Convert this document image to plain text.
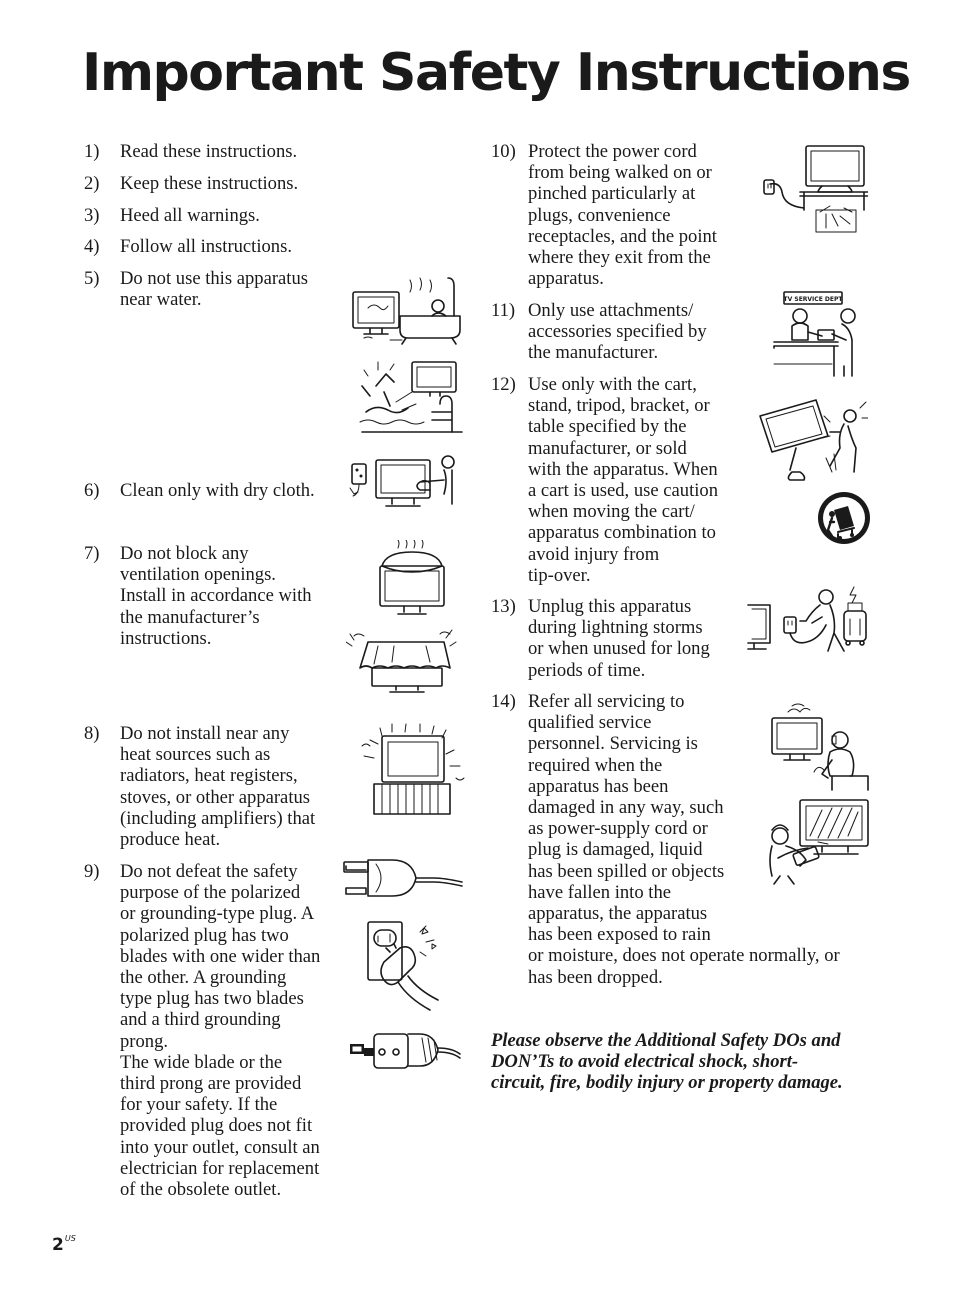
Important Safety Instructions
1) Read these instructions.
2) Keep these instructions.
3) Heed all warnings.
4) Follow all instructions.
5) Do not use this apparatus
near water.
6) Clean only with dry cloth.
7) Do not block any
ventilation openings.
Install in accordance with
the manufacturer’s
instructions.
8) Do not install near any
heat sources such as
radiators, heat registers,
stoves, or other apparatus
(including amplifiers) that
produce heat.
9) Do not defeat the safety
purpose of the polarized
or grounding-type plug. A
polarized plug has two
blades with one wider than
the other. A grounding
type plug has two blades
and a third grounding
prong.
The wide blade or the
third prong are provided
for your safety. If the
provided plug does not fit
into your outlet, consult an
electrician for replacement
of the obsolete outlet.
10) Protect the power cord
from being walked on or
pinched particularly at
plugs, convenience
receptacles, and the point
where they exit from the
apparatus.
11) Only use attachments/
accessories specified by
the manufacturer.
12) Use only with the cart,
stand, tripod, bracket, or
table specified by the
manufacturer, or sold
with the apparatus. When
a cart is used, use caution
when moving the cart/
apparatus combination to
avoid injury from
tip-over.
13) Unplug this apparatus
during lightning storms
or when unused for long
periods of time.
14) Refer all servicing to
qualified service
personnel. Servicing is
required when the
apparatus has been
damaged in any way, such
as power-supply cord or
plug is damaged, liquid
has been spilled or objects
have fallen into the
apparatus, the apparatus
has been exposed to rain
or moisture, does not operate normally, or
has been dropped.

Please observe the Additional Safety DOs and
DON’Ts to avoid electrical shock, short-
circuit, fire, bodily injury or property damage.

$2^{US}$
TV SERVICE DEPT
